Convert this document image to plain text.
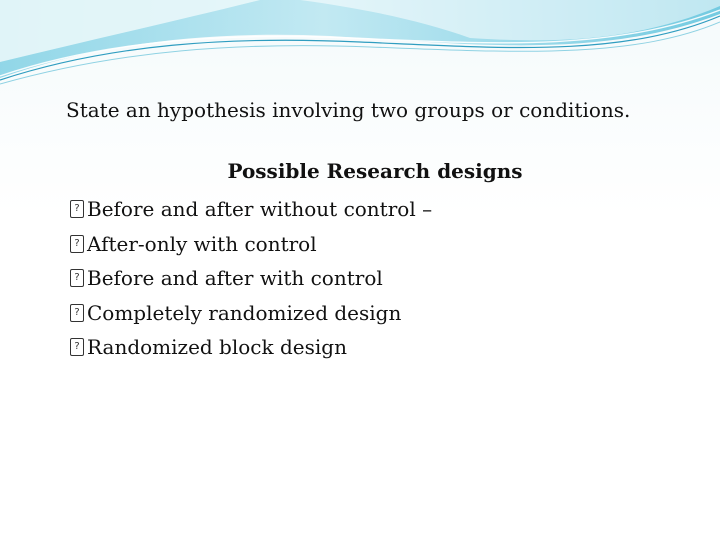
State an hypothesis involving two groups or conditions.
Possible Research designs
? Before and after without control –
? After-only with control
? Before and after with control
? Completely randomized design
? Randomized block design
